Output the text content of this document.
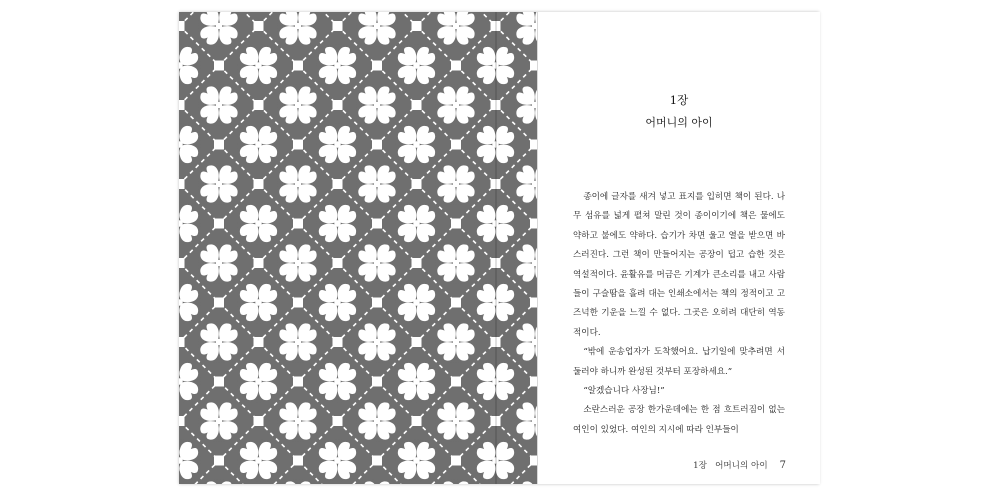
1장
어머니의 아이

종이에 글자를 새겨 넣고 표지를 입히면 책이 된다. 나무 섬유를 넓게 펼쳐 말린 것이 종이이기에 책은 물에도 약하고 불에도 약하다. 습기가 차면 울고 열을 받으면 바스러진다. 그런 책이 만들어지는 공장이 덥고 습한 것은 역설적이다. 윤활유를 머금은 기계가 큰소리를 내고 사람들이 구슬땀을 흘려 대는 인쇄소에서는 책의 정적이고 고즈넉한 기운을 느낄 수 없다. 그곳은 오히려 대단히 역동적이다.

“밖에 운송업자가 도착했어요. 납기일에 맞추려면 서둘러야 하니까 완성된 것부터 포장하세요.”

“알겠습니다 사장님!”

소란스러운 공장 한가운데에는 한 점 흐트러짐이 없는 여인이 있었다. 여인의 지시에 따라 인부들이

1장   어머니의 아이 7
